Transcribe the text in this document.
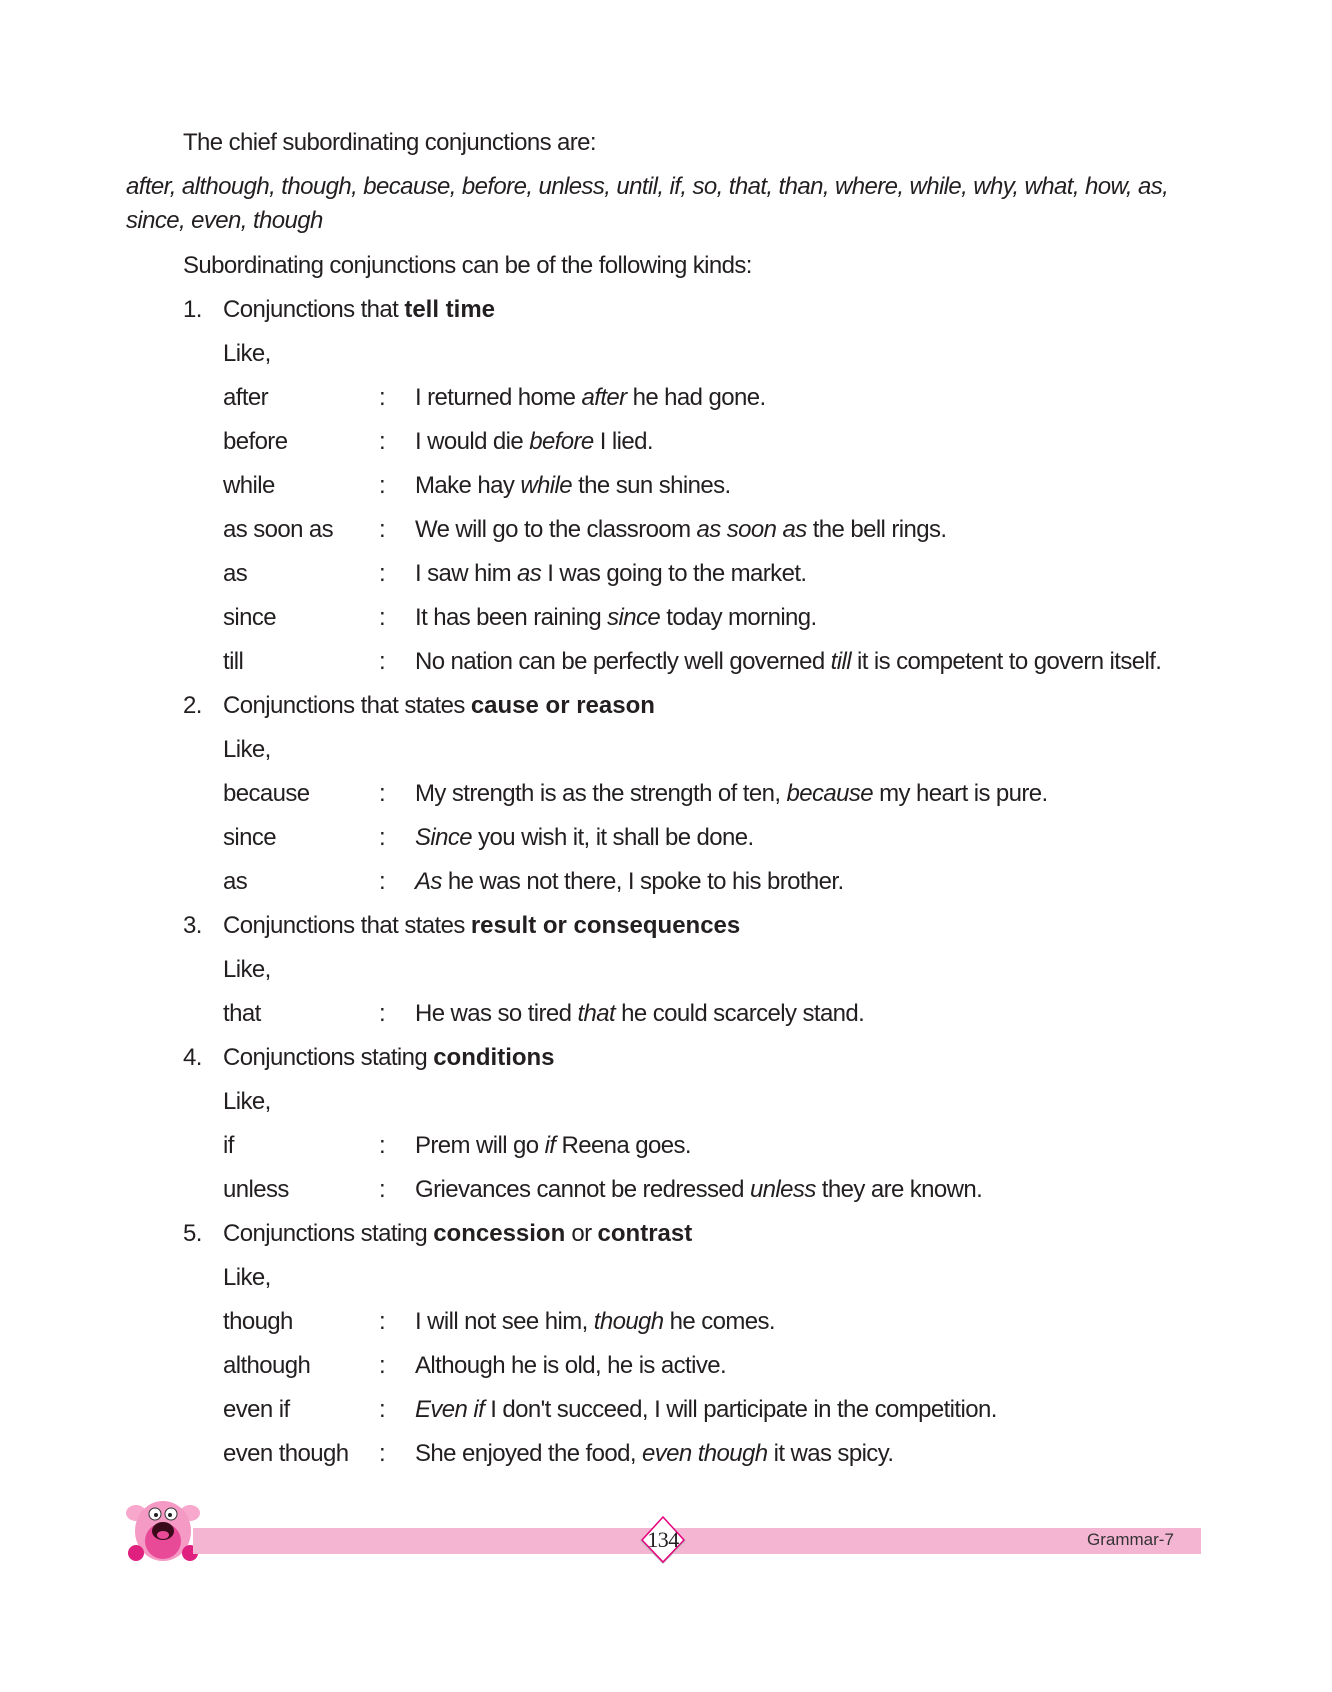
The chief subordinating conjunctions are:
after, although, though, because, before, unless, until, if, so, that, than, where, while, why, what, how, as, since, even, though
Subordinating conjunctions can be of the following kinds:
1. Conjunctions that tell time
Like,
after	:	I returned home after he had gone.
before	:	I would die before I lied.
while	:	Make hay while the sun shines.
as soon as	:	We will go to the classroom as soon as the bell rings.
as	:	I saw him as I was going to the market.
since	:	It has been raining since today morning.
till	:	No nation can be perfectly well governed till it is competent to govern itself.
2. Conjunctions that states cause or reason
Like,
because	:	My strength is as the strength of ten, because my heart is pure.
since	:	Since you wish it, it shall be done.
as	:	As he was not there, I spoke to his brother.
3. Conjunctions that states result or consequences
Like,
that	:	He was so tired that he could scarcely stand.
4. Conjunctions stating conditions
Like,
if	:	Prem will go if Reena goes.
unless	:	Grievances cannot be redressed unless they are known.
5. Conjunctions stating concession or contrast
Like,
though	:	I will not see him, though he comes.
although	:	Although he is old, he is active.
even if	:	Even if I don't succeed, I will participate in the competition.
even though	:	She enjoyed the food, even though it was spicy.
134	Grammar-7
